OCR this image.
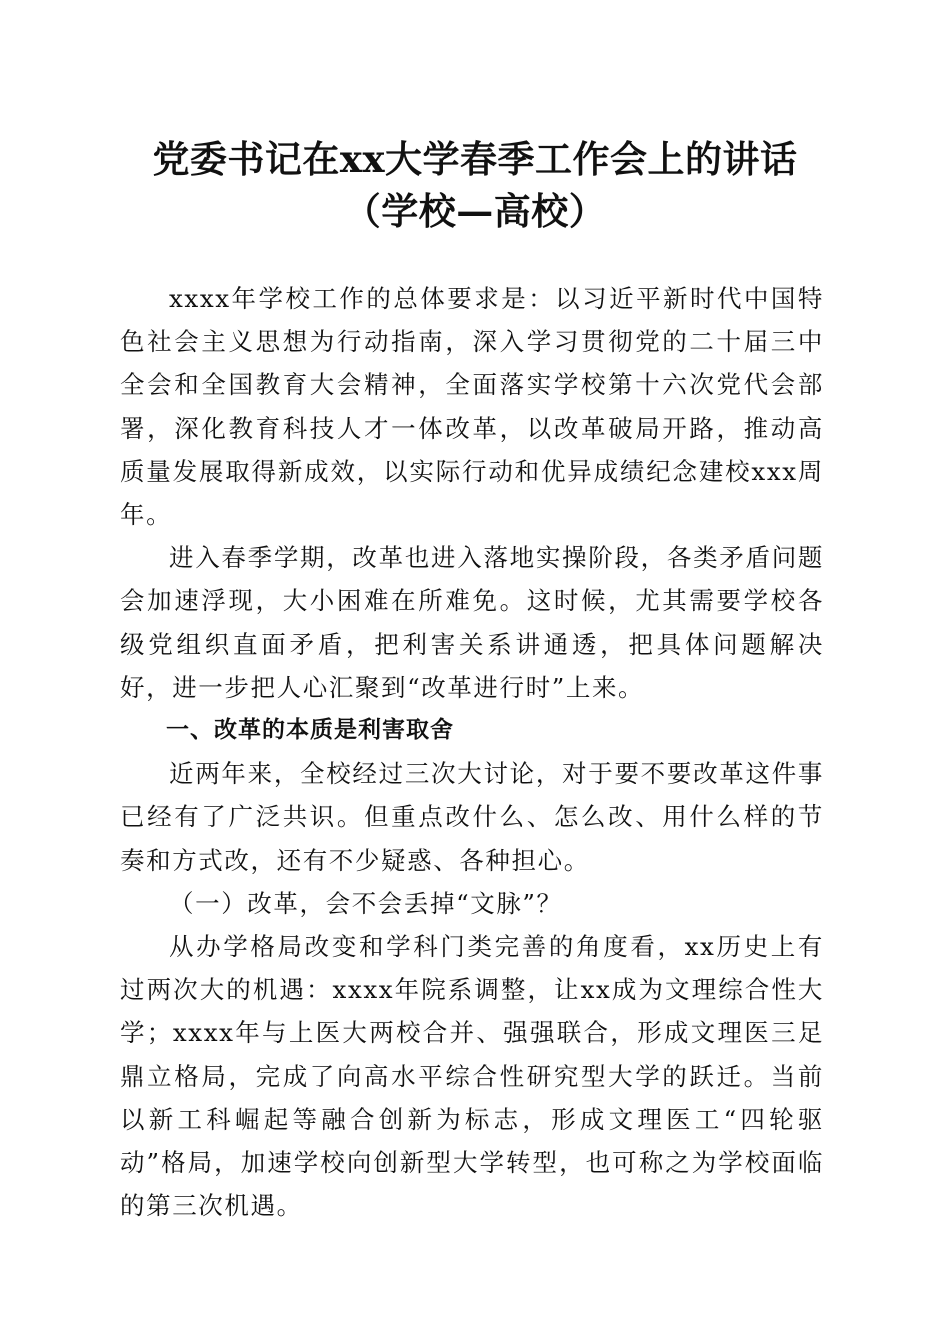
党委书记在xx大学春季工作会上的讲话（学校—高校）

xxxx年学校工作的总体要求是：以习近平新时代中国特色社会主义思想为行动指南，深入学习贯彻党的二十届三中全会和全国教育大会精神，全面落实学校第十六次党代会部署，深化教育科技人才一体改革，以改革破局开路，推动高质量发展取得新成效，以实际行动和优异成绩纪念建校xxx周年。

进入春季学期，改革也进入落地实操阶段，各类矛盾问题会加速浮现，大小困难在所难免。这时候，尤其需要学校各级党组织直面矛盾，把利害关系讲通透，把具体问题解决好，进一步把人心汇聚到“改革进行时”上来。

一、改革的本质是利害取舍

近两年来，全校经过三次大讨论，对于要不要改革这件事已经有了广泛共识。但重点改什么、怎么改、用什么样的节奏和方式改，还有不少疑惑、各种担心。

（一）改革，会不会丢掉“文脉”？

从办学格局改变和学科门类完善的角度看，xx历史上有过两次大的机遇：xxxx年院系调整，让xx成为文理综合性大学；xxxx年与上医大两校合并、强强联合，形成文理医三足鼎立格局，完成了向高水平综合性研究型大学的跃迁。当前以新工科崛起等融合创新为标志，形成文理医工“四轮驱动”格局，加速学校向创新型大学转型，也可称之为学校面临的第三次机遇。
